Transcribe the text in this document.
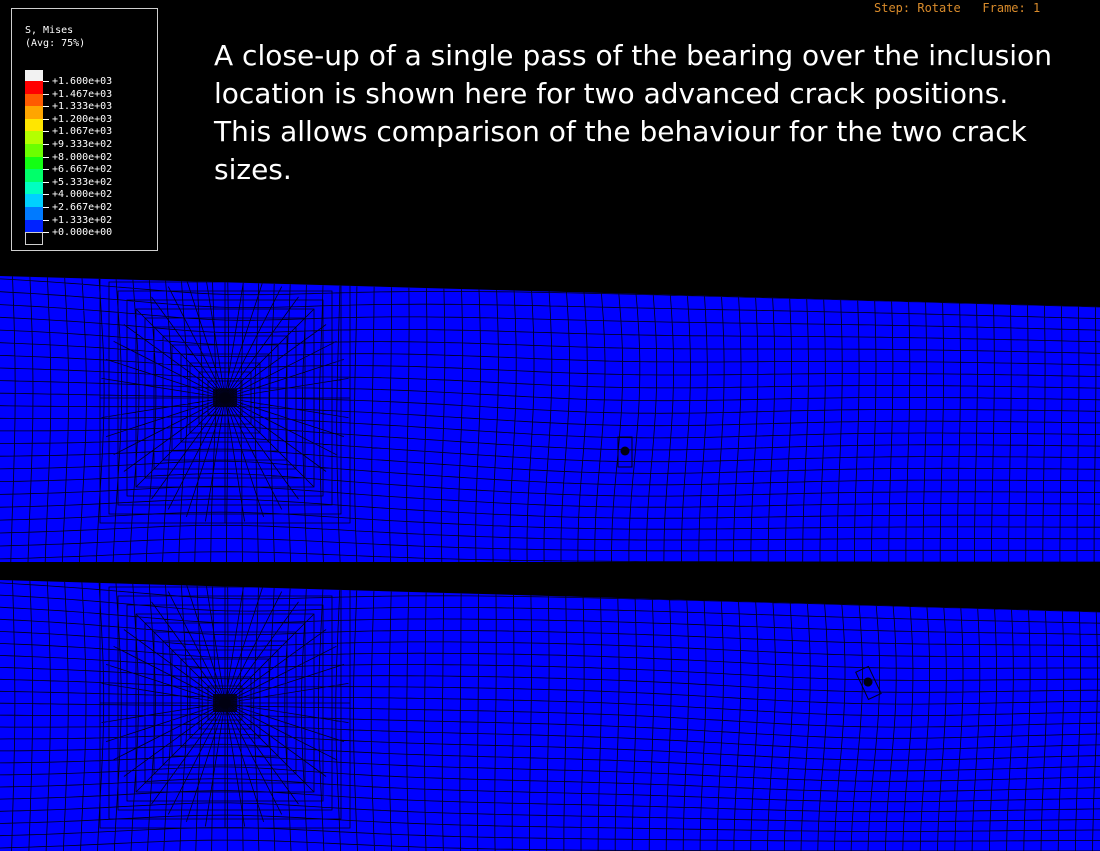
S, Mises
(Avg: 75%)
+1.600e+03
+1.467e+03
+1.333e+03
+1.200e+03
+1.067e+03
+9.333e+02
+8.000e+02
+6.667e+02
+5.333e+02
+4.000e+02
+2.667e+02
+1.333e+02
+0.000e+00
Step: Rotate Frame: 1
A close-up of a single pass of the bearing over the inclusion location is shown here for two advanced crack positions. This allows comparison of the behaviour for the two crack sizes.
